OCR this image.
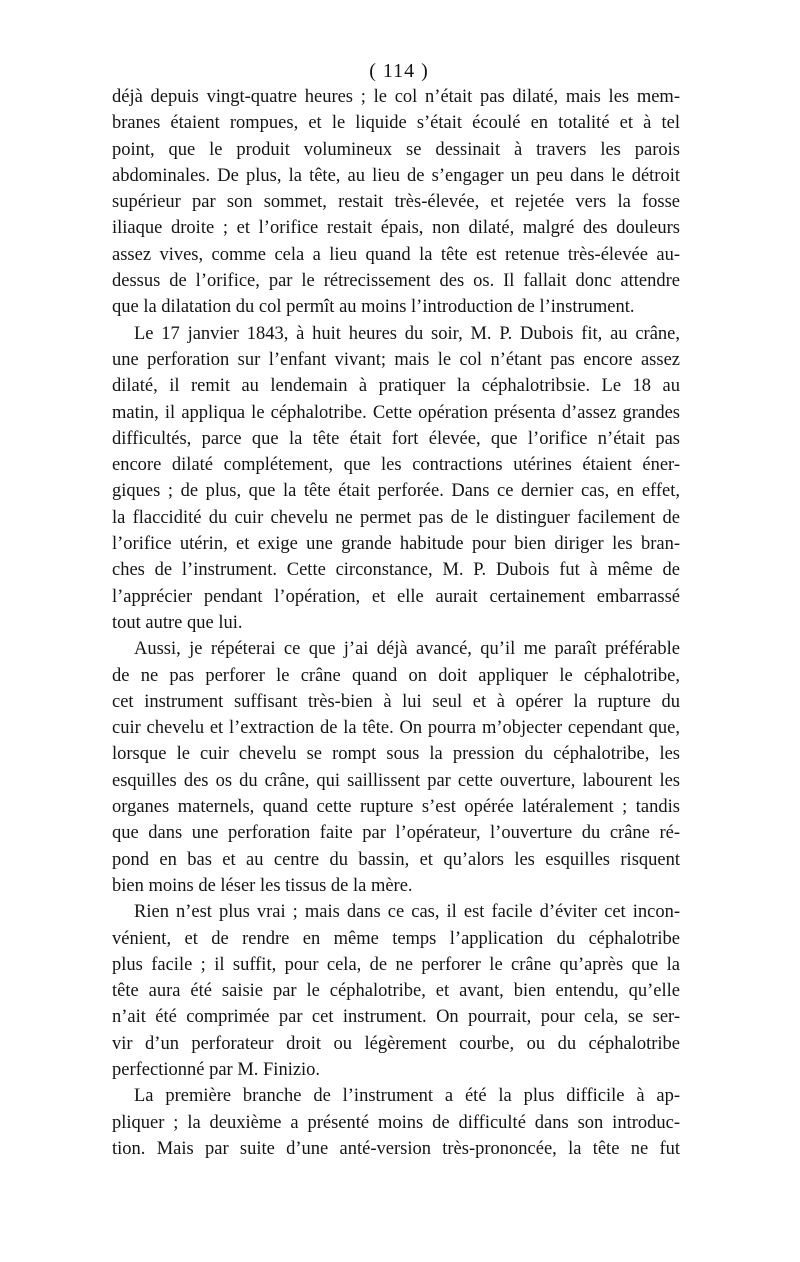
( 114 )
déjà depuis vingt-quatre heures ; le col n’était pas dilaté, mais les mem-
branes étaient rompues, et le liquide s’était écoulé en totalité et à tel
point, que le produit volumineux se dessinait à travers les parois
abdominales. De plus, la tête, au lieu de s’engager un peu dans le détroit
supérieur par son sommet, restait très-élevée, et rejetée vers la fosse
iliaque droite ; et l’orifice restait épais, non dilaté, malgré des douleurs
assez vives, comme cela a lieu quand la tête est retenue très-élevée au-
dessus de l’orifice, par le rétrecissement des os. Il fallait donc attendre
que la dilatation du col permît au moins l’introduction de l’instrument.
Le 17 janvier 1843, à huit heures du soir, M. P. Dubois fit, au crâne,
une perforation sur l’enfant vivant; mais le col n’étant pas encore assez
dilaté, il remit au lendemain à pratiquer la céphalotribsie. Le 18 au
matin, il appliqua le céphalotribe. Cette opération présenta d’assez grandes
difficultés, parce que la tête était fort élevée, que l’orifice n’était pas
encore dilaté complétement, que les contractions utérines étaient éner-
giques ; de plus, que la tête était perforée. Dans ce dernier cas, en effet,
la flaccidité du cuir chevelu ne permet pas de le distinguer facilement de
l’orifice utérin, et exige une grande habitude pour bien diriger les bran-
ches de l’instrument. Cette circonstance, M. P. Dubois fut à même de
l’apprécier pendant l’opération, et elle aurait certainement embarrassé
tout autre que lui.
Aussi, je répéterai ce que j’ai déjà avancé, qu’il me paraît préférable
de ne pas perforer le crâne quand on doit appliquer le céphalotribe,
cet instrument suffisant très-bien à lui seul et à opérer la rupture du
cuir chevelu et l’extraction de la tête. On pourra m’objecter cependant que,
lorsque le cuir chevelu se rompt sous la pression du céphalotribe, les
esquilles des os du crâne, qui saillissent par cette ouverture, labourent les
organes maternels, quand cette rupture s’est opérée latéralement ; tandis
que dans une perforation faite par l’opérateur, l’ouverture du crâne ré-
pond en bas et au centre du bassin, et qu’alors les esquilles risquent
bien moins de léser les tissus de la mère.
Rien n’est plus vrai ; mais dans ce cas, il est facile d’éviter cet incon-
vénient, et de rendre en même temps l’application du céphalotribe
plus facile ; il suffit, pour cela, de ne perforer le crâne qu’après que la
tête aura été saisie par le céphalotribe, et avant, bien entendu, qu’elle
n’ait été comprimée par cet instrument. On pourrait, pour cela, se ser-
vir d’un perforateur droit ou légèrement courbe, ou du céphalotribe
perfectionné par M. Finizio.
La première branche de l’instrument a été la plus difficile à ap-
pliquer ; la deuxième a présenté moins de difficulté dans son introduc-
tion. Mais par suite d’une anté-version très-prononcée, la tête ne fut
